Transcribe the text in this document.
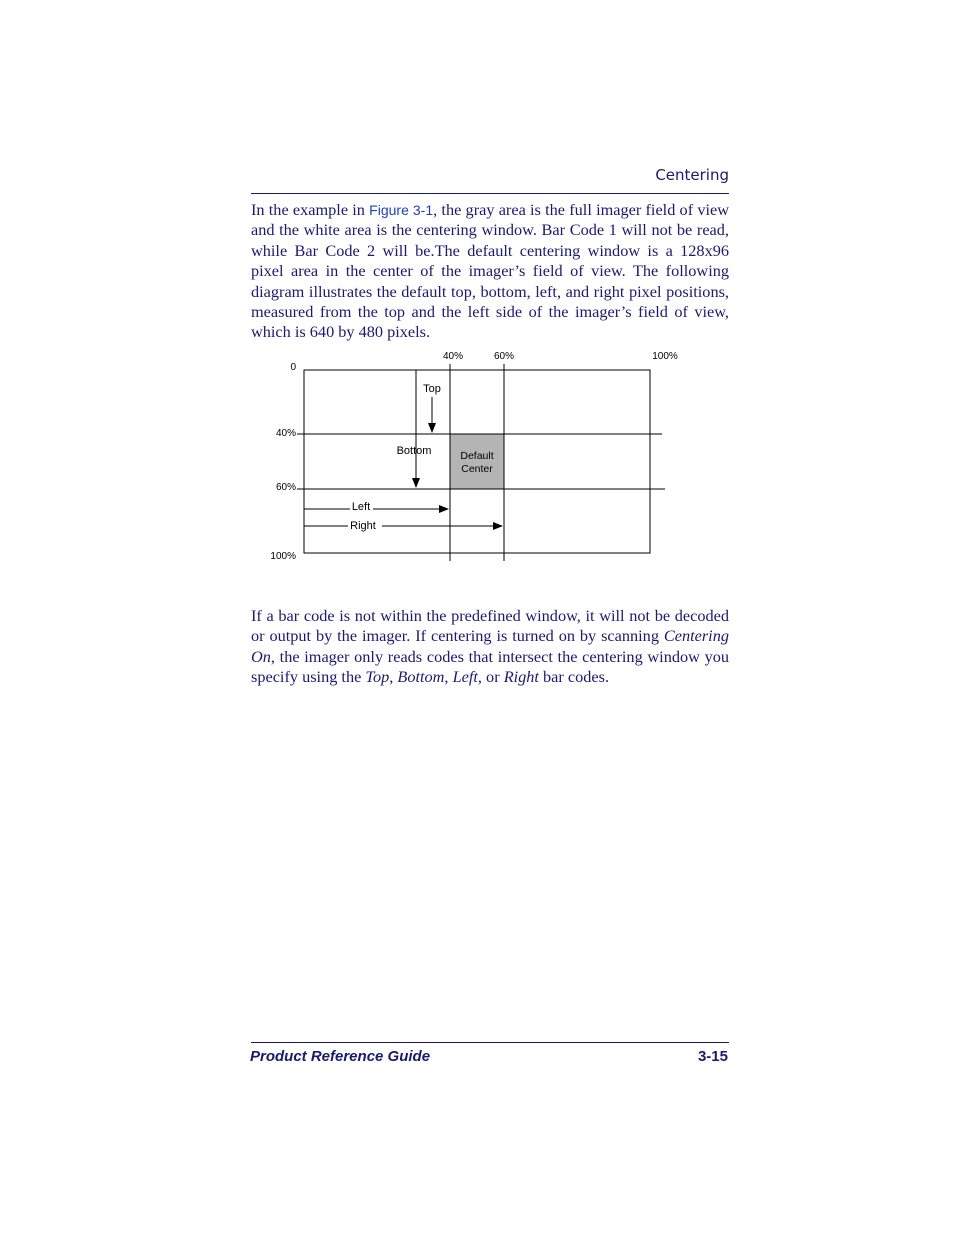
Centering

In the example in Figure 3-1, the gray area is the full imager field of view and the white area is the centering window. Bar Code 1 will not be read, while Bar Code 2 will be.The default centering window is a 128x96 pixel area in the center of the imager’s field of view. The following diagram illustrates the default top, bottom, left, and right pixel positions, measured from the top and the left side of the imager’s field of view, which is 640 by 480 pixels.

40%	60%	100%
0
40%
60%
100%
Top
Bottom
Left
Right
Default
Center

If a bar code is not within the predefined window, it will not be decoded or output by the imager. If centering is turned on by scanning Centering On, the imager only reads codes that intersect the centering window you specify using the Top, Bottom, Left, or Right bar codes.

Product Reference Guide	3-15
